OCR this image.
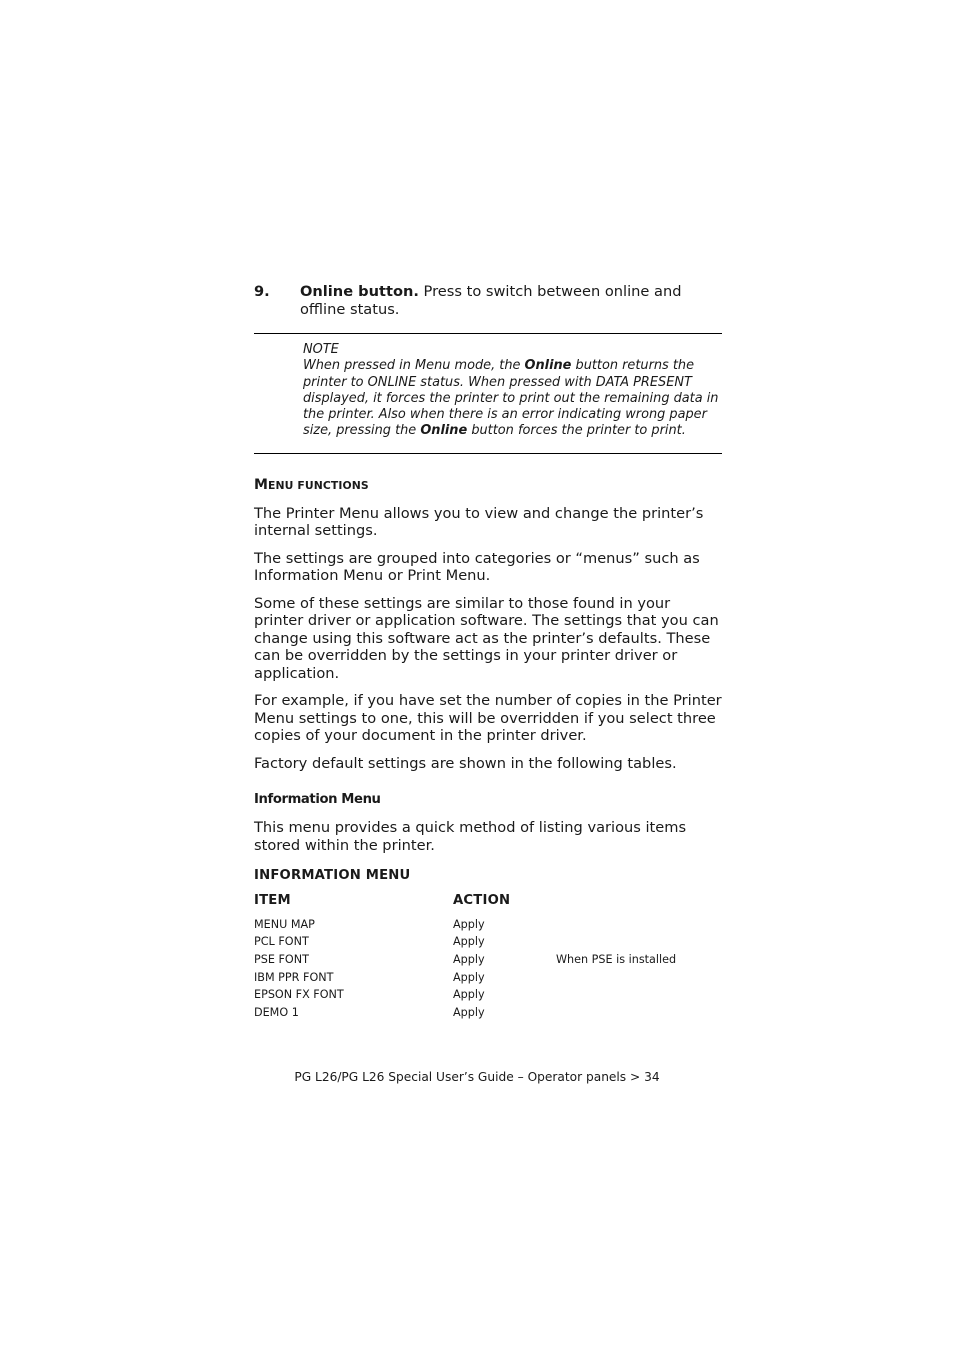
9. Online button. Press to switch between online and offline status.
NOTE
When pressed in Menu mode, the Online button returns the printer to ONLINE status. When pressed with DATA PRESENT displayed, it forces the printer to print out the remaining data in the printer. Also when there is an error indicating wrong paper size, pressing the Online button forces the printer to print.
MENU FUNCTIONS
The Printer Menu allows you to view and change the printer’s internal settings.
The settings are grouped into categories or “menus” such as Information Menu or Print Menu.
Some of these settings are similar to those found in your printer driver or application software. The settings that you can change using this software act as the printer’s defaults. These can be overridden by the settings in your printer driver or application.
For example, if you have set the number of copies in the Printer Menu settings to one, this will be overridden if you select three copies of your document in the printer driver.
Factory default settings are shown in the following tables.
Information Menu
This menu provides a quick method of listing various items stored within the printer.
INFORMATION MENU
ITEM	ACTION	
MENU MAP	Apply	
PCL FONT	Apply	
PSE FONT	Apply	When PSE is installed
IBM PPR FONT	Apply	
EPSON FX FONT	Apply	
DEMO 1	Apply	
PG L26/PG L26 Special User’s Guide – Operator panels > 34
